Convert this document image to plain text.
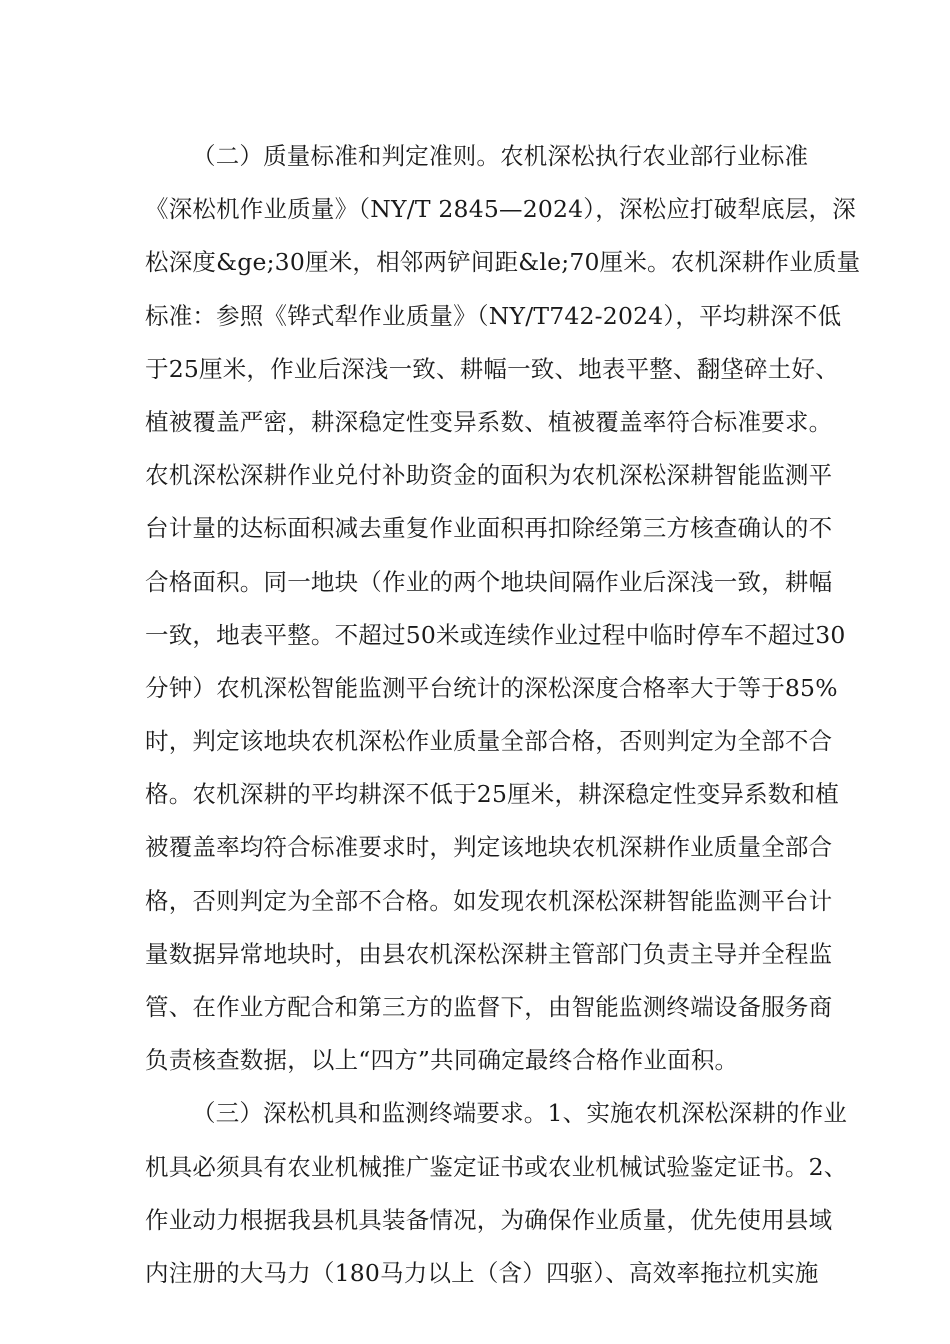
（二）质量标准和判定准则。农机深松执行农业部行业标准
《深松机作业质量》（NY/T 2845—2024），深松应打破犁底层，深
松深度&ge;30厘米，相邻两铲间距&le;70厘米。农机深耕作业质量
标准：参照《铧式犁作业质量》（NY/T742-2024），平均耕深不低
于25厘米，作业后深浅一致、耕幅一致、地表平整、翻垡碎土好、
植被覆盖严密，耕深稳定性变异系数、植被覆盖率符合标准要求。
农机深松深耕作业兑付补助资金的面积为农机深松深耕智能监测平
台计量的达标面积减去重复作业面积再扣除经第三方核查确认的不
合格面积。同一地块（作业的两个地块间隔作业后深浅一致，耕幅
一致，地表平整。不超过50米或连续作业过程中临时停车不超过30
分钟）农机深松智能监测平台统计的深松深度合格率大于等于85%
时，判定该地块农机深松作业质量全部合格，否则判定为全部不合
格。农机深耕的平均耕深不低于25厘米，耕深稳定性变异系数和植
被覆盖率均符合标准要求时，判定该地块农机深耕作业质量全部合
格，否则判定为全部不合格。如发现农机深松深耕智能监测平台计
量数据异常地块时，由县农机深松深耕主管部门负责主导并全程监
管、在作业方配合和第三方的监督下，由智能监测终端设备服务商
负责核查数据，以上“四方”共同确定最终合格作业面积。
（三）深松机具和监测终端要求。1、实施农机深松深耕的作业
机具必须具有农业机械推广鉴定证书或农业机械试验鉴定证书。2、
作业动力根据我县机具装备情况，为确保作业质量，优先使用县域
内注册的大马力（180马力以上（含）四驱）、高效率拖拉机实施
